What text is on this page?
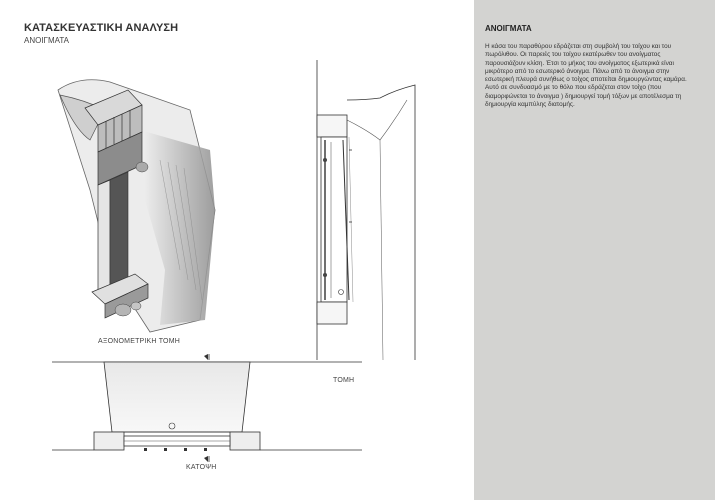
ΚΑΤΑΣΚΕΥΑΣΤΙΚΗ ΑΝΑΛΥΣΗ
ΑΝΟΙΓΜΑΤΑ
ΑΞΟΝΟΜΕΤΡΙΚΗ ΤΟΜΗ
ΤΟΜΗ
ΚΑΤΟΨΗ
ΑΝΟΙΓΜΑΤΑ
Η κάσα του παραθύρου εδράζεται στη συμβολή του τοίχου και του πωρόλιθου. Οι παρειές του τοίχου εκατέρωθεν του ανοίγματος παρουσιάζουν κλίση. Έτσι το μήκος του ανοίγματος εξωτερικά είναι μικρότερο από το εσωτερικό άνοιγμα. Πάνω από το άνοιγμα στην εσωτερική πλευρά συνήθως ο τοίχος αποτείται δημιουργώντας καμάρα. Αυτό σε συνδυασμό με το θόλο που εδράζεται στον τοίχο (που διαμορφώνεται το άνοιγμα ) δημιουργεί τομή τόξων με αποτέλεσμα τη δημιουργία καμπύλης διατομής.
